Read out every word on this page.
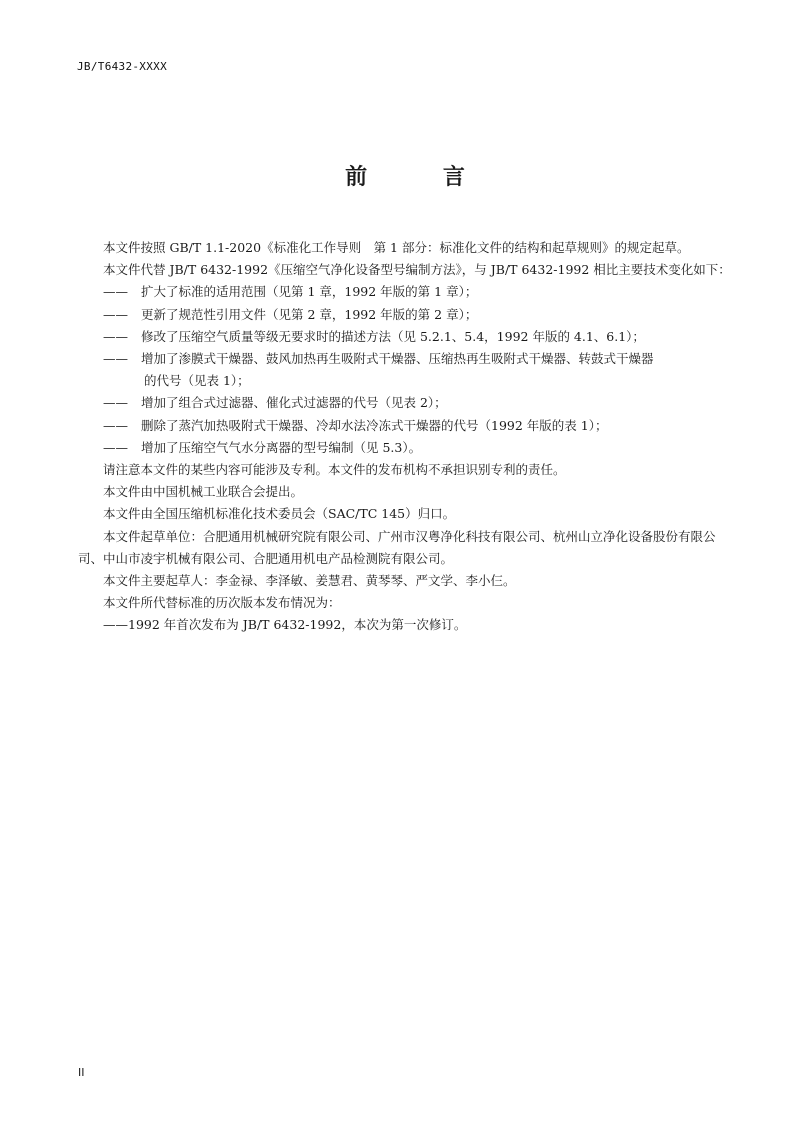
JB/T6432-XXXX
前 言

本文件按照 GB/T 1.1-2020《标准化工作导则　第 1 部分：标准化文件的结构和起草规则》的规定起草。

本文件代替 JB/T 6432-1992《压缩空气净化设备型号编制方法》，与 JB/T 6432-1992 相比主要技术变化如下：

—— 扩大了标准的适用范围（见第 1 章，1992 年版的第 1 章）；

—— 更新了规范性引用文件（见第 2 章，1992 年版的第 2 章）；

—— 修改了压缩空气质量等级无要求时的描述方法（见 5.2.1、5.4，1992 年版的 4.1、6.1）；

—— 增加了渗膜式干燥器、鼓风加热再生吸附式干燥器、压缩热再生吸附式干燥器、转鼓式干燥器

的代号（见表 1）；

—— 增加了组合式过滤器、催化式过滤器的代号（见表 2）；

—— 删除了蒸汽加热吸附式干燥器、冷却水法冷冻式干燥器的代号（1992 年版的表 1）；

—— 增加了压缩空气气水分离器的型号编制（见 5.3）。

请注意本文件的某些内容可能涉及专利。本文件的发布机构不承担识别专利的责任。

本文件由中国机械工业联合会提出。

本文件由全国压缩机标准化技术委员会（SAC/TC 145）归口。

本文件起草单位：合肥通用机械研究院有限公司、广州市汉粤净化科技有限公司、杭州山立净化设备股份有限公司、中山市凌宇机械有限公司、合肥通用机电产品检测院有限公司。

本文件主要起草人：李金禄、李泽敏、姜慧君、黄琴琴、严文学、李小仨。

本文件所代替标准的历次版本发布情况为：

——1992 年首次发布为 JB/T 6432-1992，本次为第一次修订。

II
